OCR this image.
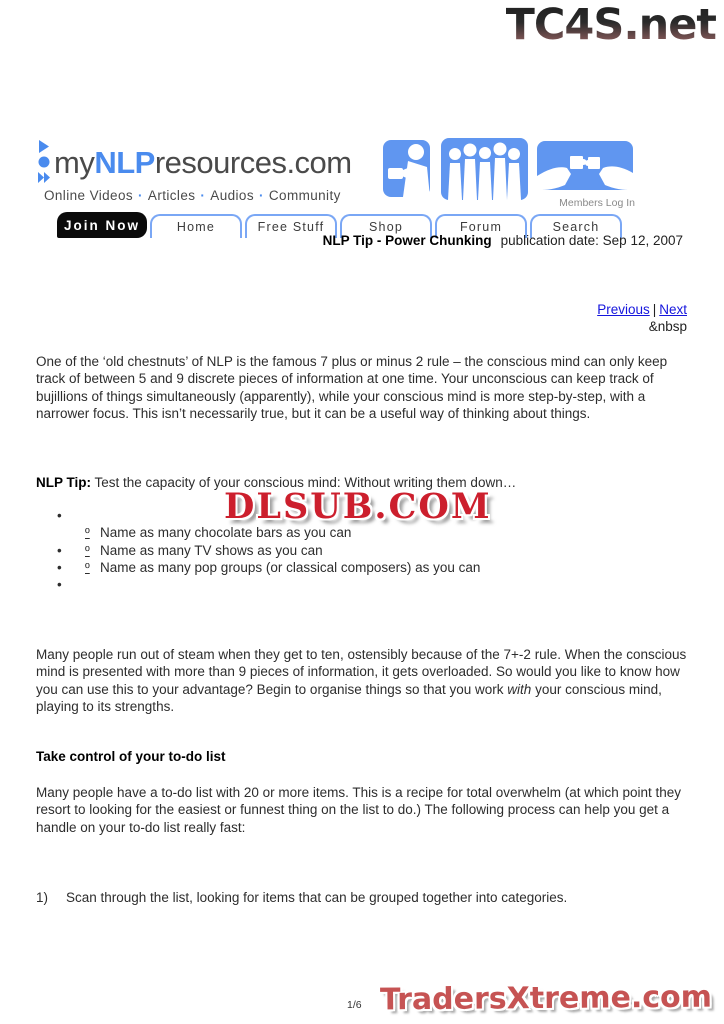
TC4S.net
myNLPresources.com
Online Videos · Articles · Audios · Community	Members Log In
Join Now	Home	Free Stuff	Shop	Forum	Search
NLP Tip - Power Chunking publication date: Sep 12, 2007
Previous | Next
&nbsp
One of the ‘old chestnuts’ of NLP is the famous 7 plus or minus 2 rule – the conscious mind can only keep track of between 5 and 9 discrete pieces of information at one time. Your unconscious can keep track of bujillions of things simultaneously (apparently), while your conscious mind is more step-by-step, with a narrower focus. This isn’t necessarily true, but it can be a useful way of thinking about things.
NLP Tip: Test the capacity of your conscious mind: Without writing them down…
•
º Name as many chocolate bars as you can
• º Name as many TV shows as you can
• º Name as many pop groups (or classical composers) as you can
•
DLSUB.COM
Many people run out of steam when they get to ten, ostensibly because of the 7+-2 rule. When the conscious mind is presented with more than 9 pieces of information, it gets overloaded. So would you like to know how you can use this to your advantage? Begin to organise things so that you work with your conscious mind, playing to its strengths.
Take control of your to-do list
Many people have a to-do list with 20 or more items. This is a recipe for total overwhelm (at which point they resort to looking for the easiest or funnest thing on the list to do.) The following process can help you get a handle on your to-do list really fast:
1) Scan through the list, looking for items that can be grouped together into categories.
1/6 TradersXtreme.com
